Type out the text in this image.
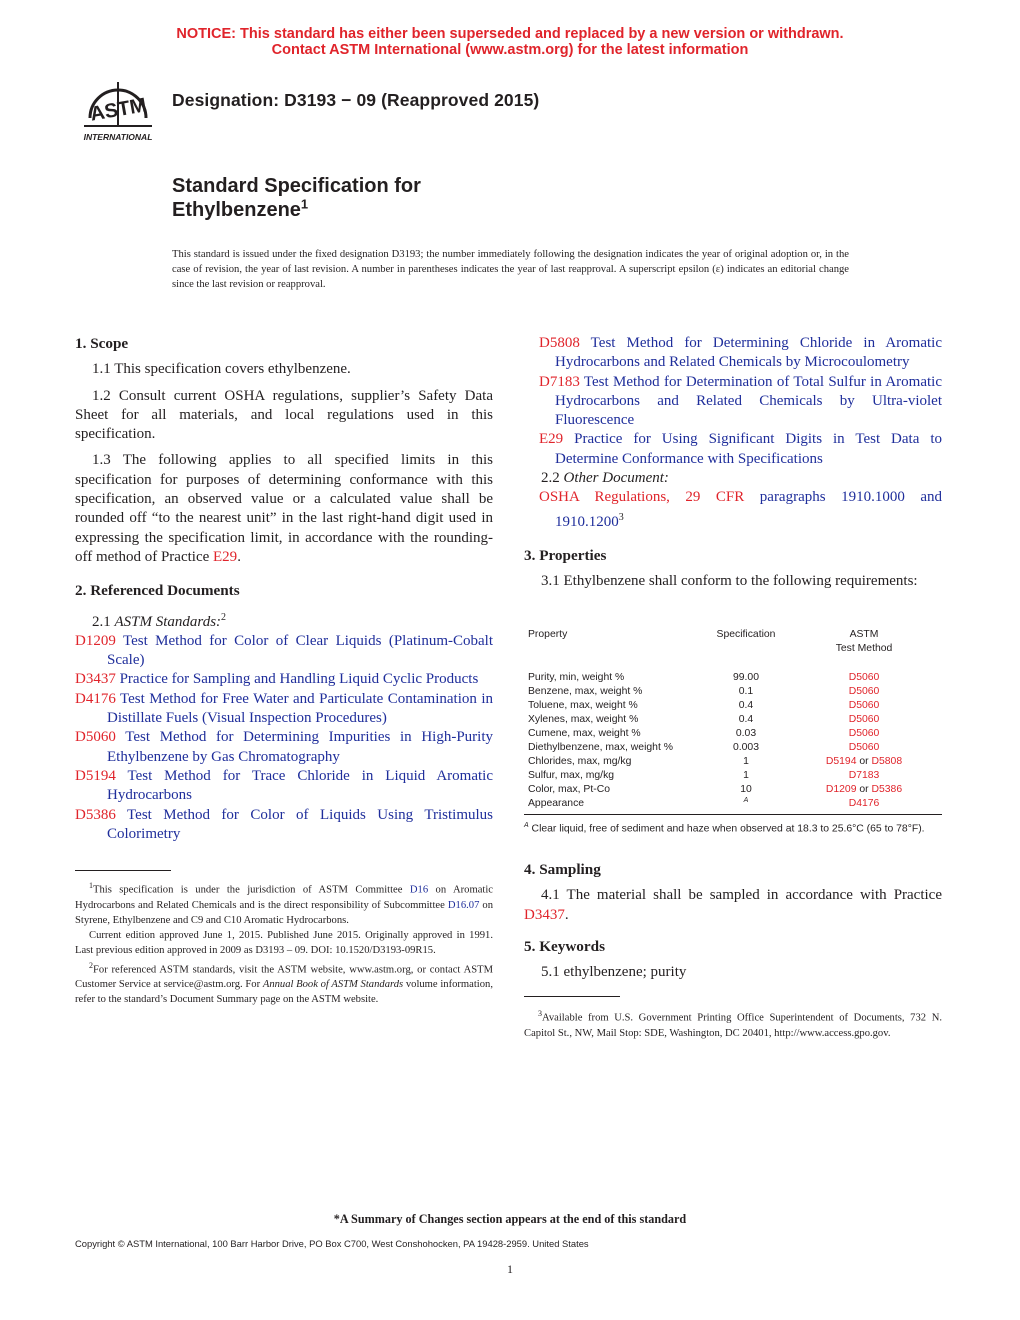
NOTICE: This standard has either been superseded and replaced by a new version or withdrawn.
Contact ASTM International (www.astm.org) for the latest information
ASTM
INTERNATIONAL
Designation: D3193 − 09 (Reapproved 2015)
Standard Specification for
Ethylbenzene$^1$
This standard is issued under the fixed designation D3193; the number immediately following the designation indicates the year of original adoption or, in the case of revision, the year of last revision. A number in parentheses indicates the year of last reapproval. A superscript epsilon (ε) indicates an editorial change since the last revision or reapproval.

1. Scope

1.1 This specification covers ethylbenzene.

1.2 Consult current OSHA regulations, supplier’s Safety Data Sheet for all materials, and local regulations used in this specification.

1.3 The following applies to all specified limits in this specification for purposes of determining conformance with this specification, an observed value or a calculated value shall be rounded off “to the nearest unit” in the last right-hand digit used in expressing the specification limit, in accordance with the rounding-off method of Practice E29.

2. Referenced Documents

2.1 ASTM Standards:$^2$

D1209 Test Method for Color of Clear Liquids (Platinum-Cobalt Scale)

D3437 Practice for Sampling and Handling Liquid Cyclic Products

D4176 Test Method for Free Water and Particulate Contamination in Distillate Fuels (Visual Inspection Procedures)

D5060 Test Method for Determining Impurities in High-Purity Ethylbenzene by Gas Chromatography

D5194 Test Method for Trace Chloride in Liquid Aromatic Hydrocarbons

D5386 Test Method for Color of Liquids Using Tristimulus Colorimetry

$^1$This specification is under the jurisdiction of ASTM Committee D16 on Aromatic Hydrocarbons and Related Chemicals and is the direct responsibility of Subcommittee D16.07 on Styrene, Ethylbenzene and C9 and C10 Aromatic Hydrocarbons.

Current edition approved June 1, 2015. Published June 2015. Originally approved in 1991. Last previous edition approved in 2009 as D3193 – 09. DOI: 10.1520/D3193-09R15.

$^2$For referenced ASTM standards, visit the ASTM website, www.astm.org, or contact ASTM Customer Service at service@astm.org. For Annual Book of ASTM Standards volume information, refer to the standard’s Document Summary page on the ASTM website.

D5808 Test Method for Determining Chloride in Aromatic Hydrocarbons and Related Chemicals by Microcoulometry

D7183 Test Method for Determination of Total Sulfur in Aromatic Hydrocarbons and Related Chemicals by Ultra-violet Fluorescence

E29 Practice for Using Significant Digits in Test Data to Determine Conformance with Specifications

2.2 Other Document:

OSHA Regulations, 29 CFR paragraphs 1910.1000 and 1910.1200$^3$

3. Properties

3.1 Ethylbenzene shall conform to the following requirements:

Property	Specification	ASTM
Test Method
Purity, min, weight %	99.00	D5060
Benzene, max, weight %	0.1	D5060
Toluene, max, weight %	0.4	D5060
Xylenes, max, weight %	0.4	D5060
Cumene, max, weight %	0.03	D5060
Diethylbenzene, max, weight %	0.003	D5060
Chlorides, max, mg/kg	1	D5194 or D5808
Sulfur, max, mg/kg	1	D7183
Color, max, Pt-Co	10	D1209 or D5386
Appearance	A	D4176
$^A$ Clear liquid, free of sediment and haze when observed at 18.3 to 25.6°C (65 to 78°F).

4. Sampling

4.1 The material shall be sampled in accordance with Practice D3437.

5. Keywords

5.1 ethylbenzene; purity

$^3$Available from U.S. Government Printing Office Superintendent of Documents, 732 N. Capitol St., NW, Mail Stop: SDE, Washington, DC 20401, http://www.access.gpo.gov.

*A Summary of Changes section appears at the end of this standard
Copyright © ASTM International, 100 Barr Harbor Drive, PO Box C700, West Conshohocken, PA 19428-2959. United States
1
